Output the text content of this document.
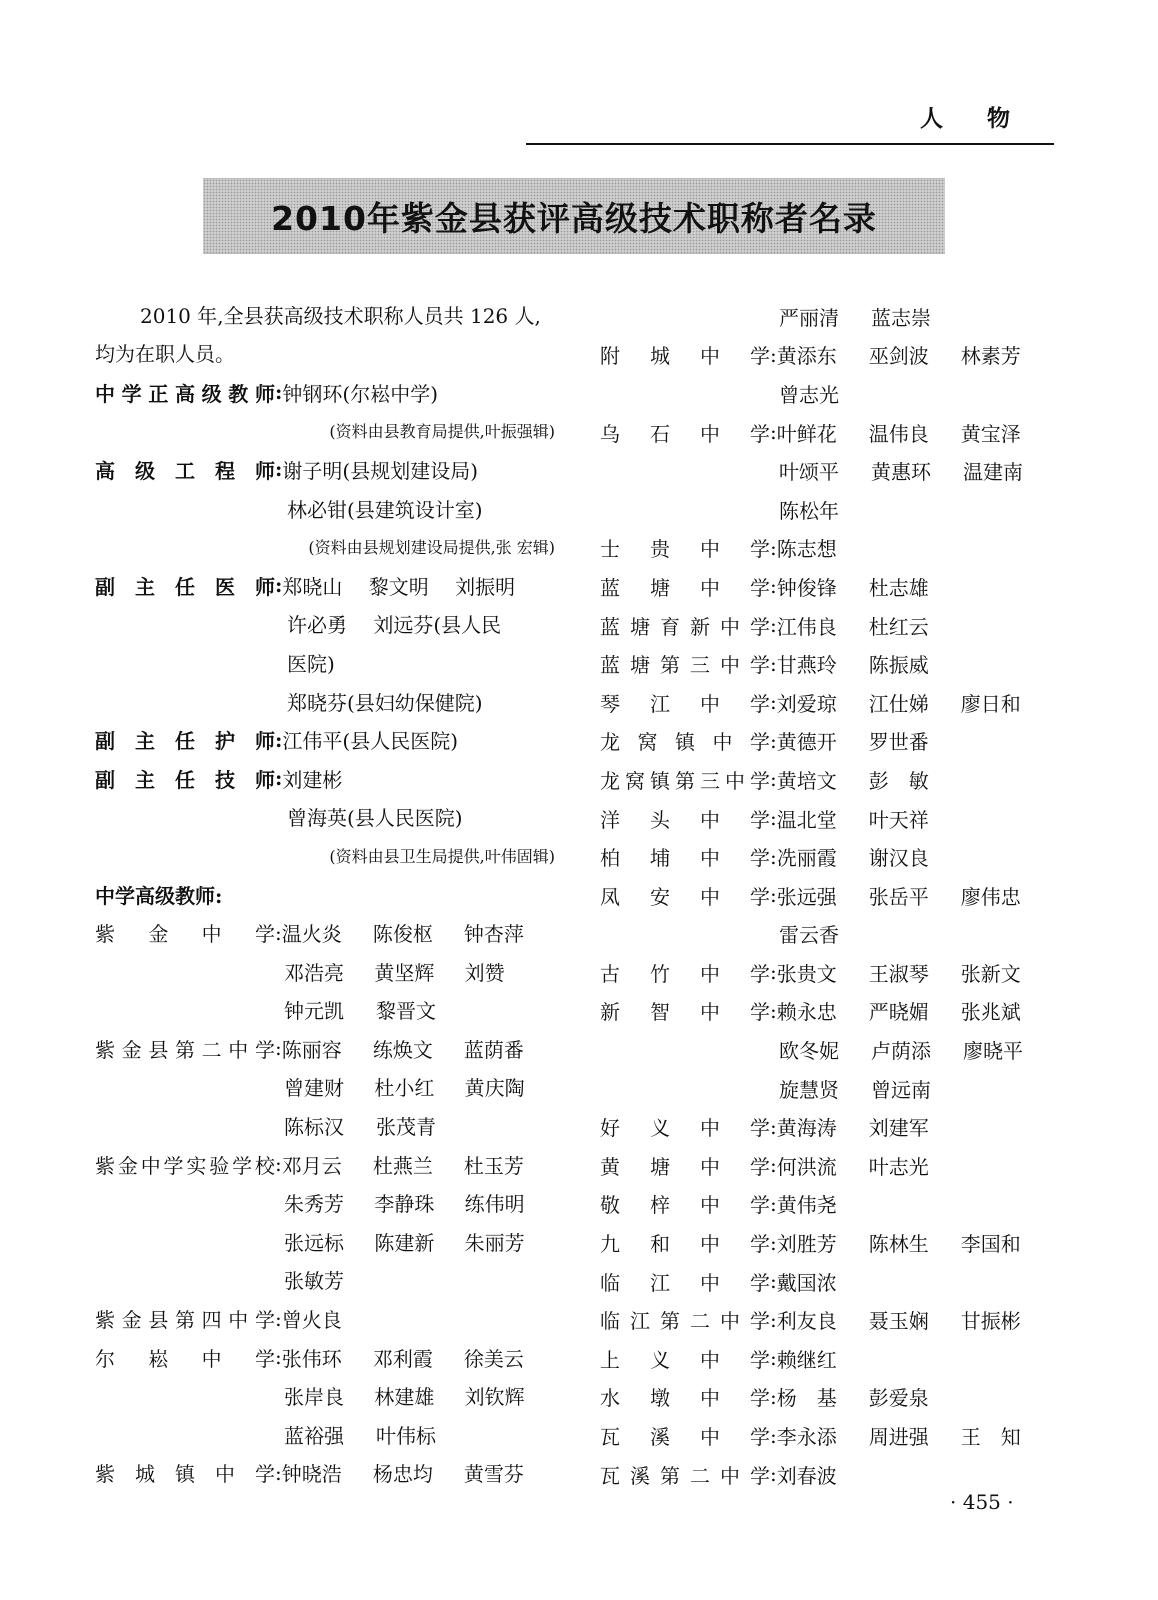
人 物
2010年紫金县获评高级技术职称者名录

2010 年,全县获高级技术职称人员共 126 人,均为在职人员。

中 学 正 高 级 教 师 : 钟钢环(尔崧中学)
(资料由县教育局提供,叶振强辑)
高 级 工 程 师 : 谢子明(县规划建设局)
林必钳(县建筑设计室)
(资料由县规划建设局提供,张 宏辑)
副 主 任 医 师 : 郑晓山　 黎文明　 刘振明
许必勇　 刘远芬(县人民
医院)
郑晓芬(县妇幼保健院)
副 主 任 护 师 : 江伟平(县人民医院)
副 主 任 技 师 : 刘建彬
曾海英(县人民医院)
(资料由县卫生局提供,叶伟固辑)
中学高级教师:
紫 金 中 学 : 温火炎	陈俊枢	钟杏萍
邓浩亮	黄坚辉	刘赞
钟元凯	黎晋文
紫 金 县 第 二 中 学 : 陈丽容	练焕文	蓝荫番
曾建财	杜小红	黄庆陶
陈标汉	张茂青
紫 金 中 学 实 验 学 校 : 邓月云	杜燕兰	杜玉芳
朱秀芳	李静珠	练伟明
张远标	陈建新	朱丽芳
张敏芳
紫 金 县 第 四 中 学 : 曾火良
尔 崧 中 学 : 张伟环	邓利霞	徐美云
张岸良	林建雄	刘钦辉
蓝裕强	叶伟标
紫 城 镇 中 学 : 钟晓浩	杨忠均	黄雪芬
严丽清	蓝志崇
附 城 中 学 : 黄添东	巫剑波	林素芳
曾志光
乌 石 中 学 : 叶鲜花	温伟良	黄宝泽
叶颂平	黄惠环	温建南
陈松年
士 贵 中 学 : 陈志想
蓝 塘 中 学 : 钟俊锋	杜志雄
蓝 塘 育 新 中 学 : 江伟良	杜红云
蓝 塘 第 三 中 学 : 甘燕玲	陈振威
琴 江 中 学 : 刘爱琼	江仕娣	廖日和
龙 窝 镇 中 学 : 黄德开	罗世番
龙 窝 镇 第 三 中 学 : 黄培文	彭　敏
洋 头 中 学 : 温北堂	叶天祥
柏 埔 中 学 : 冼丽霞	谢汉良
凤 安 中 学 : 张远强	张岳平	廖伟忠
雷云香
古 竹 中 学 : 张贵文	王淑琴	张新文
新 智 中 学 : 赖永忠	严晓媚	张兆斌
欧冬妮	卢荫添	廖晓平
旋慧贤	曾远南
好 义 中 学 : 黄海涛	刘建军
黄 塘 中 学 : 何洪流	叶志光
敬 梓 中 学 : 黄伟尧
九 和 中 学 : 刘胜芳	陈林生	李国和
临 江 中 学 : 戴国浓
临 江 第 二 中 学 : 利友良	聂玉娴	甘振彬
上 义 中 学 : 赖继红
水 墩 中 学 : 杨　基	彭爱泉
瓦 溪 中 学 : 李永添	周进强	王　知
瓦 溪 第 二 中 学 : 刘春波
· 455 ·
